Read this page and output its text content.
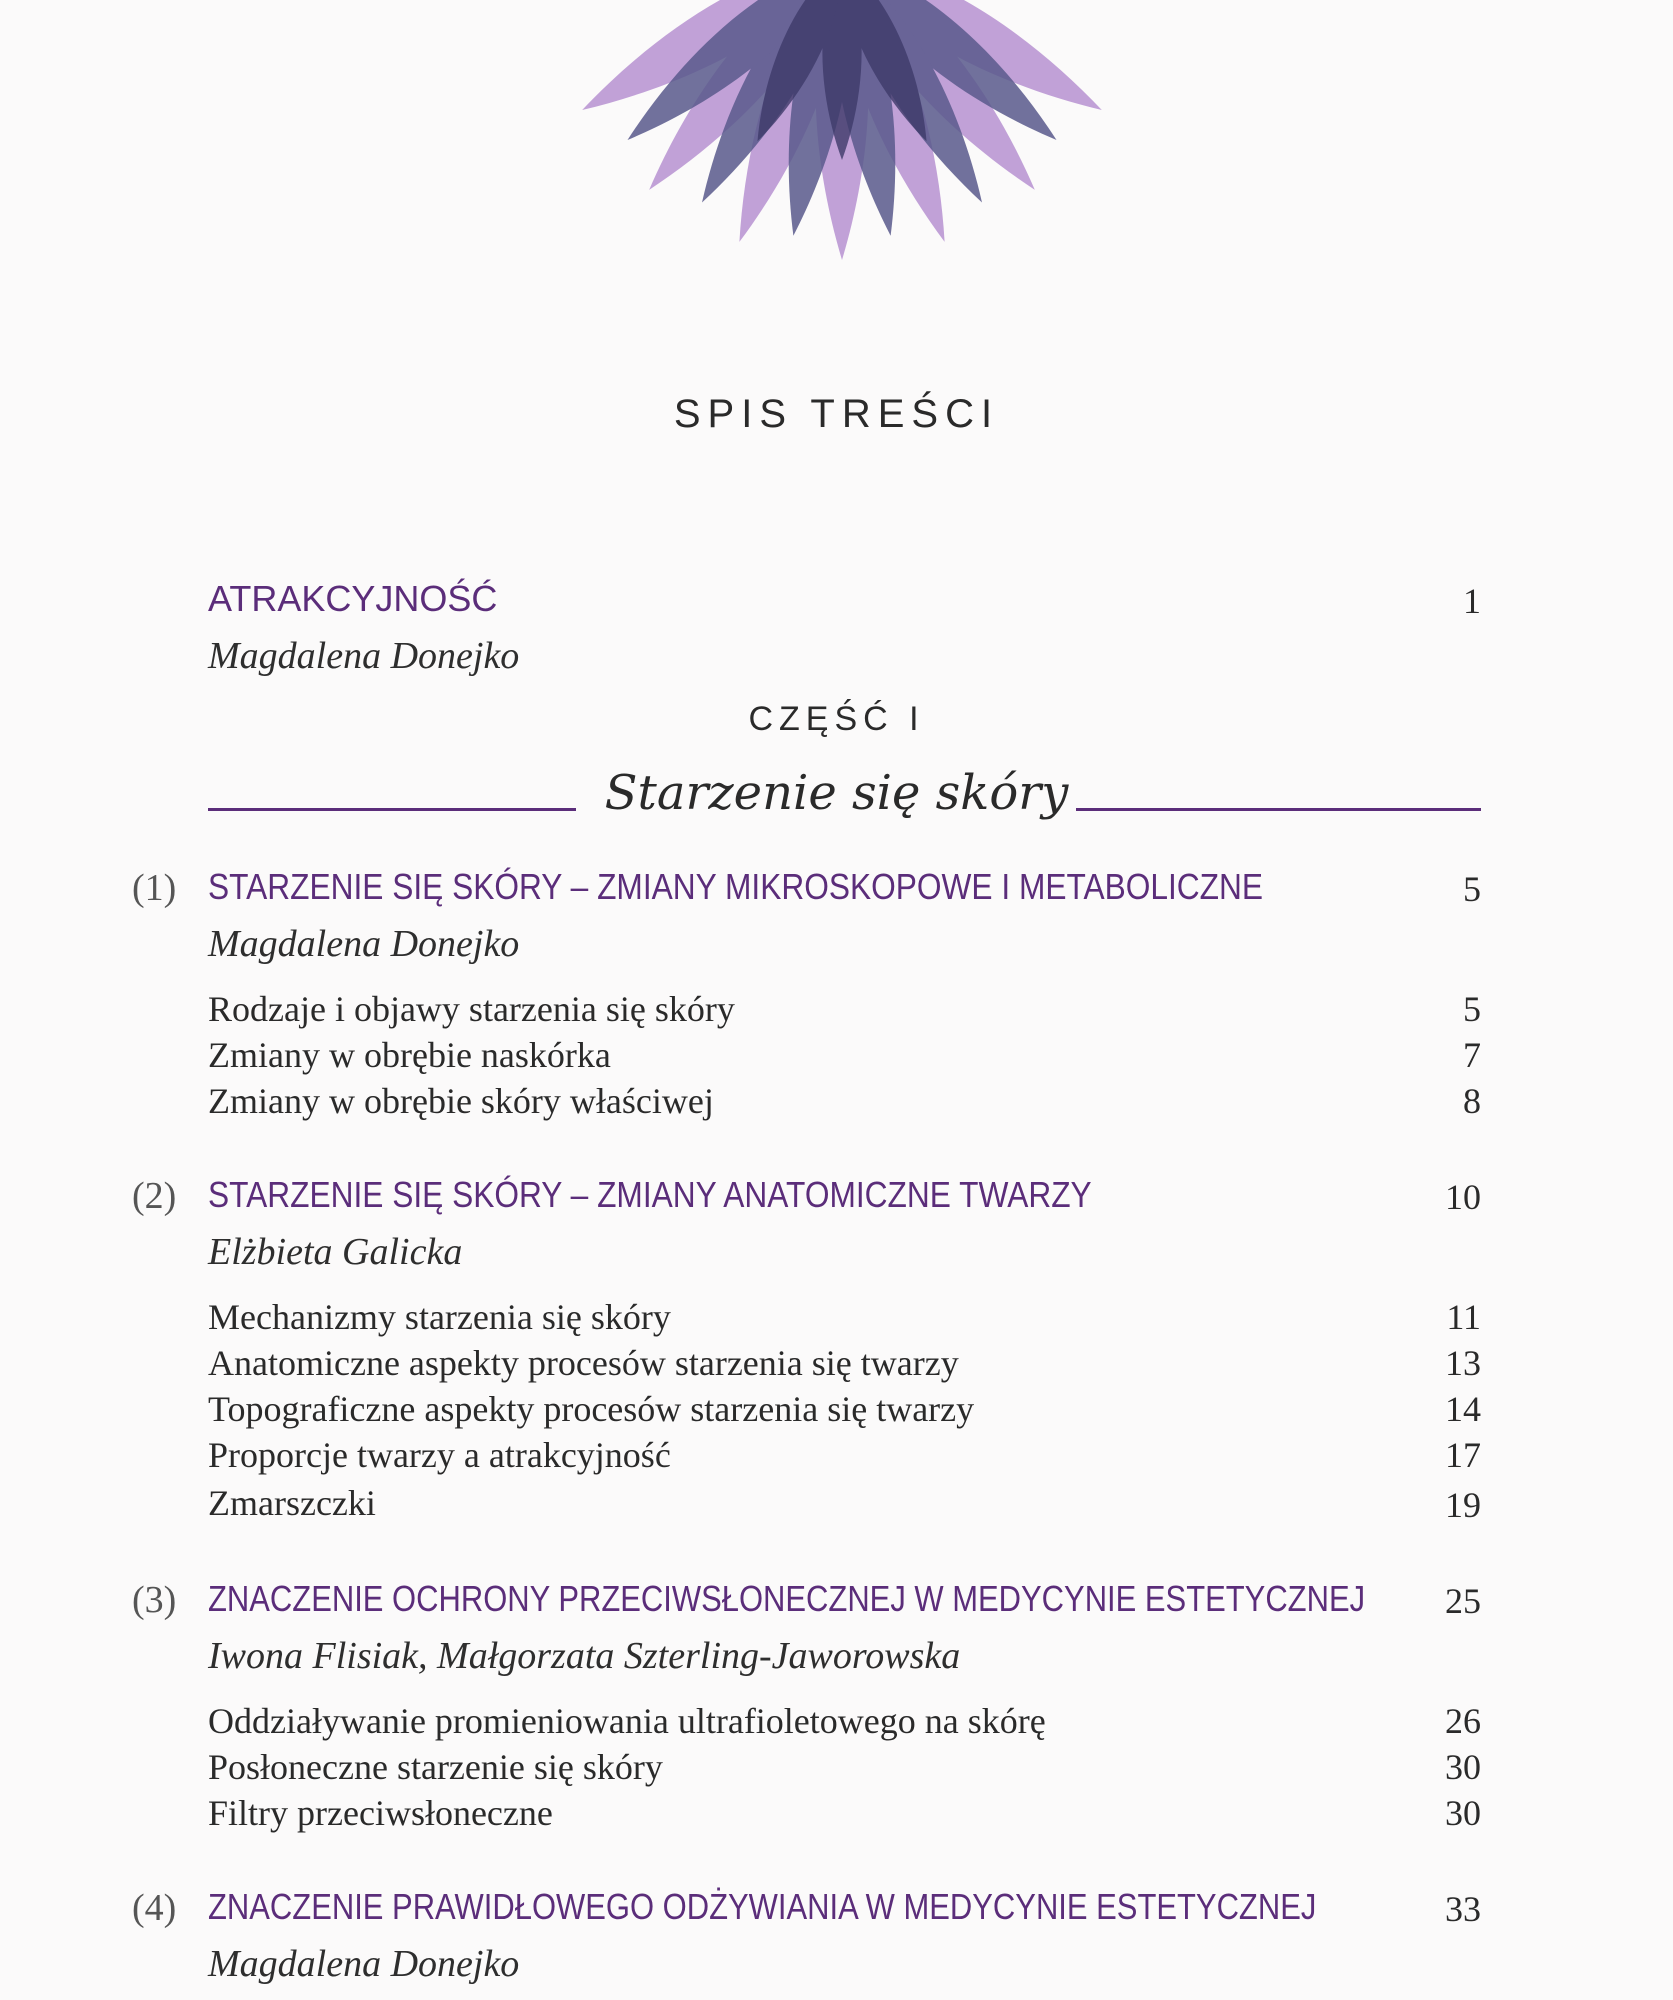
SPIS TREŚCI
ATRAKCYJNOŚĆ	1
Magdalena Donejko
CZĘŚĆ I
Starzenie się skóry
(1) STARZENIE SIĘ SKÓRY – ZMIANY MIKROSKOPOWE I METABOLICZNE	5
Magdalena Donejko
Rodzaje i objawy starzenia się skóry	5
Zmiany w obrębie naskórka	7
Zmiany w obrębie skóry właściwej	8
(2) STARZENIE SIĘ SKÓRY – ZMIANY ANATOMICZNE TWARZY	10
Elżbieta Galicka
Mechanizmy starzenia się skóry	11
Anatomiczne aspekty procesów starzenia się twarzy	13
Topograficzne aspekty procesów starzenia się twarzy	14
Proporcje twarzy a atrakcyjność	17
Zmarszczki	19
(3) ZNACZENIE OCHRONY PRZECIWSŁONECZNEJ W MEDYCYNIE ESTETYCZNEJ 25
Iwona Flisiak, Małgorzata Szterling-Jaworowska
Oddziaływanie promieniowania ultrafioletowego na skórę	26
Posłoneczne starzenie się skóry	30
Filtry przeciwsłoneczne	30
(4) ZNACZENIE PRAWIDŁOWEGO ODŻYWIANIA W MEDYCYNIE ESTETYCZNEJ	33
Magdalena Donejko
